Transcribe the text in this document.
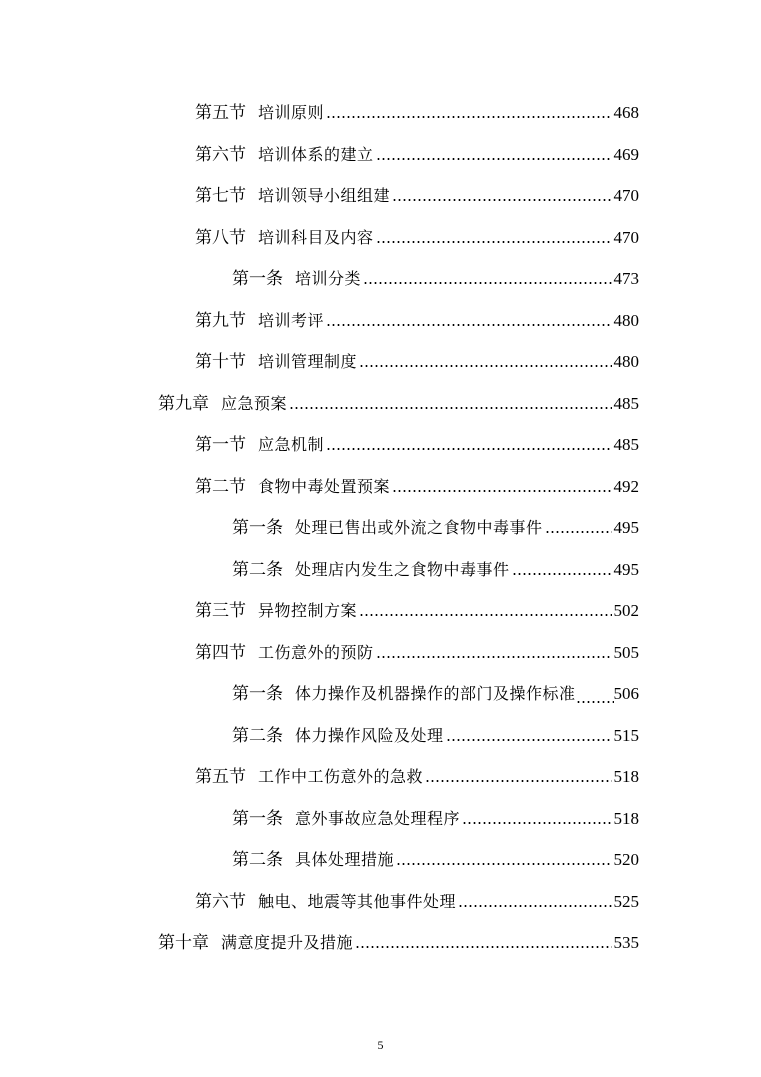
第五节 培训原则	468
第六节 培训体系的建立	469
第七节 培训领导小组组建	470
第八节 培训科目及内容	470
第一条 培训分类	473
第九节 培训考评	480
第十节 培训管理制度	480
第九章 应急预案	485
第一节 应急机制	485
第二节 食物中毒处置预案	492
第一条 处理已售出或外流之食物中毒事件	495
第二条 处理店内发生之食物中毒事件	495
第三节 异物控制方案	502
第四节 工伤意外的预防	505
第一条 体力操作及机器操作的部门及操作标准 506
第二条 体力操作风险及处理	515
第五节 工作中工伤意外的急救	518
第一条 意外事故应急处理程序	518
第二条 具体处理措施	520
第六节 触电、地震等其他事件处理	525
第十章 满意度提升及措施	535
5
